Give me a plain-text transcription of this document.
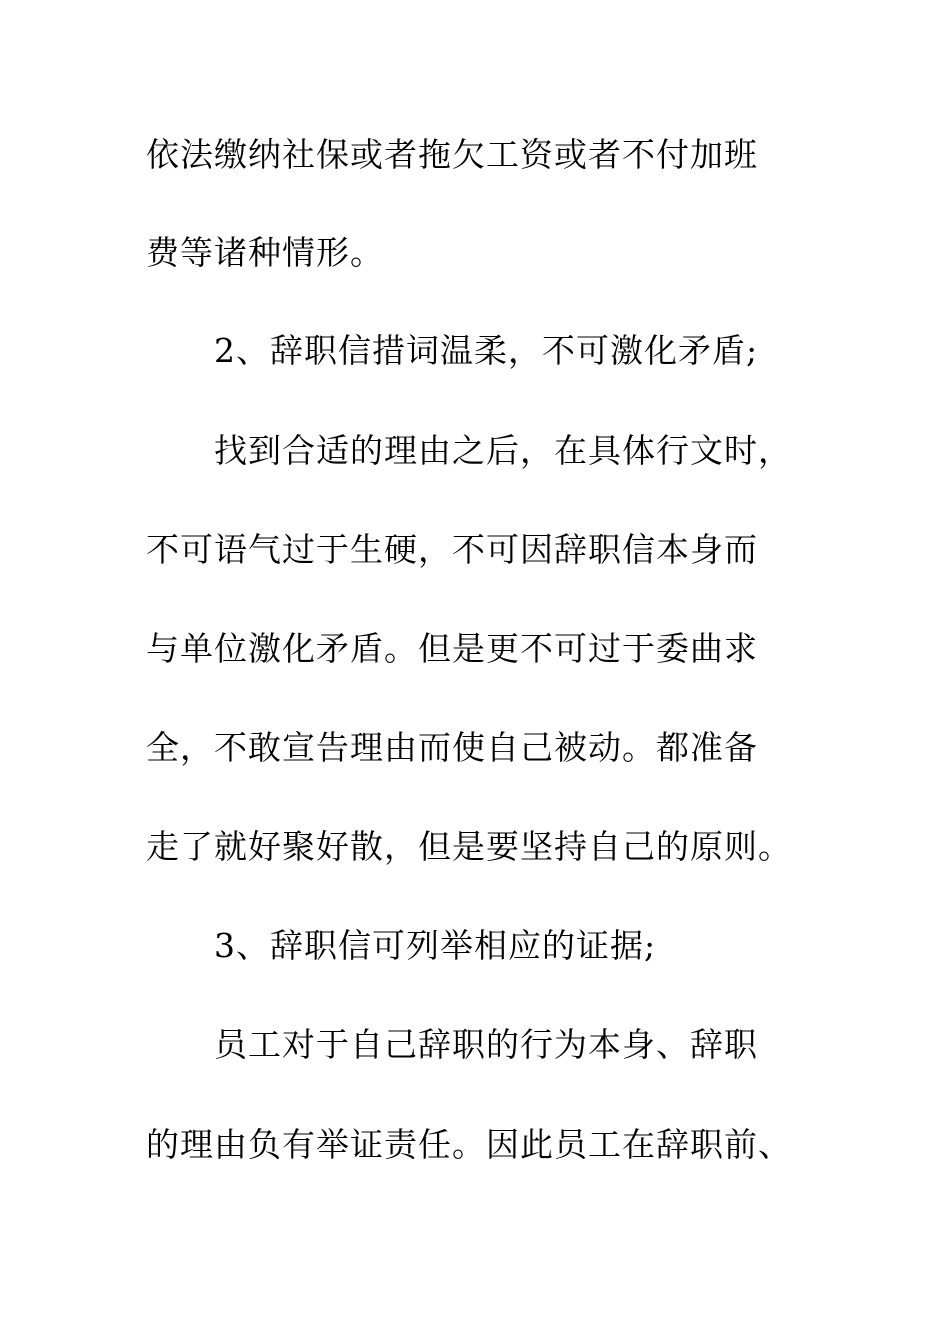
依法缴纳社保或者拖欠工资或者不付加班
费等诸种情形。
2、辞职信措词温柔，不可激化矛盾;
找到合适的理由之后，在具体行文时，
不可语气过于生硬，不可因辞职信本身而
与单位激化矛盾。但是更不可过于委曲求
全，不敢宣告理由而使自己被动。都准备
走了就好聚好散，但是要坚持自己的原则。
3、辞职信可列举相应的证据;
员工对于自己辞职的行为本身、辞职
的理由负有举证责任。因此员工在辞职前、
